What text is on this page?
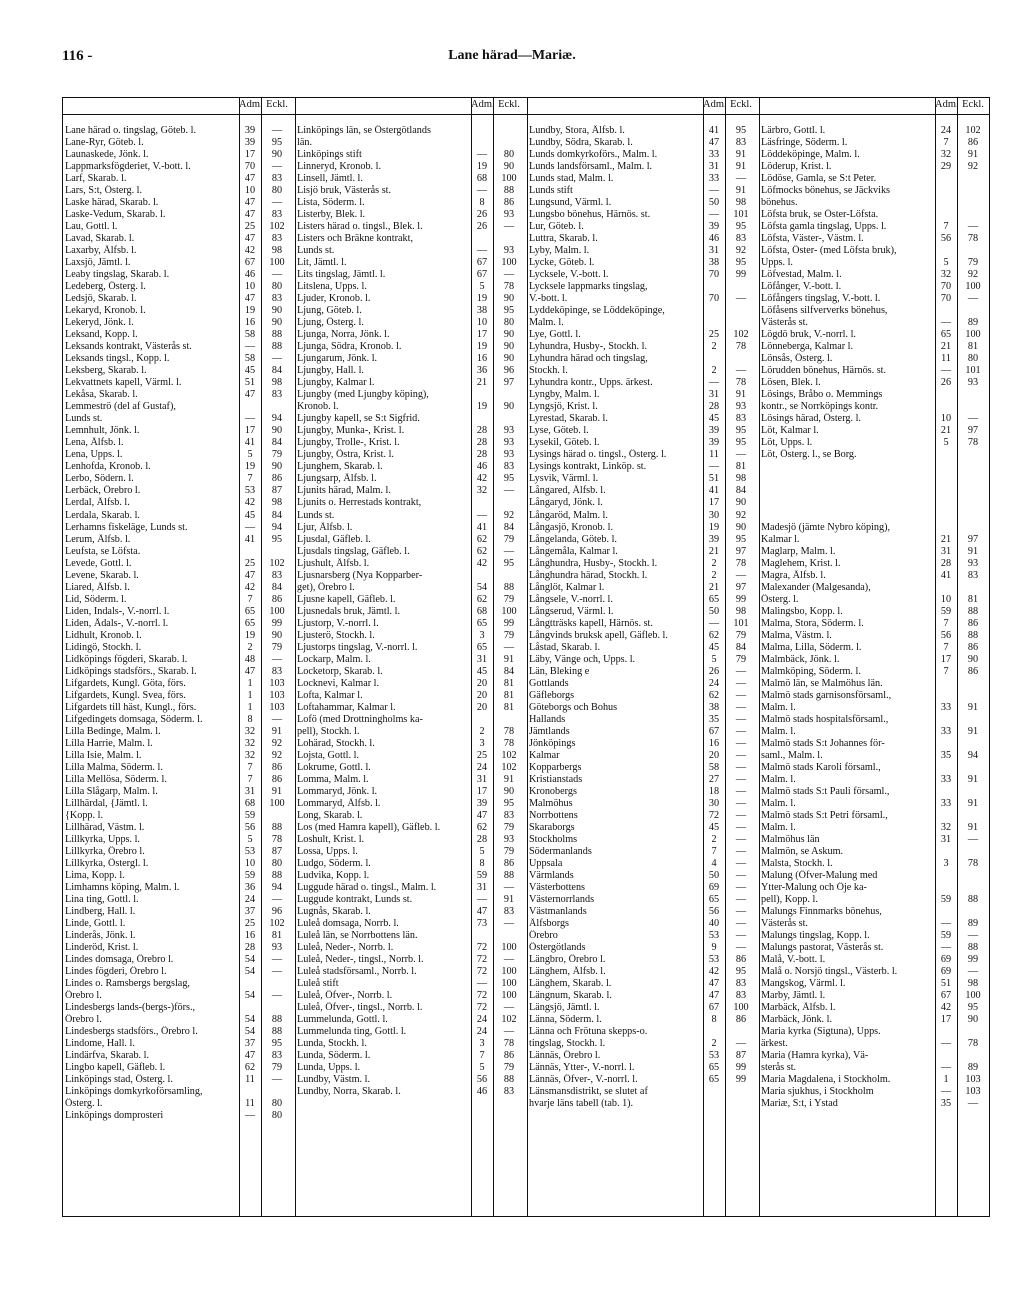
116 -	Lane härad—Mariæ.
Adm. Eckl.
Lane härad o. tingslag, Göteb. l.	39	—
Lane-Ryr, Göteb. l.	39	95
Launaskede, Jönk. l.	17	90
Lappmarksfögderiet, V.-bott. l.	70	—
Larf, Skarab. l.	47	83
Lars, S:t, Österg. l.	10	80
Laske härad, Skarab. l.	47	—
Laske-Vedum, Skarab. l.	47	83
Lau, Gottl. l.	25	102
Lavad, Skarab. l.	47	83
Laxarby, Älfsb. l.	42	98
Laxsjö, Jämtl. l.	67	100
Leaby tingslag, Skarab. l.	46	—
Ledeberg, Österg. l.	10	80
Ledsjö, Skarab. l.	47	83
Lekaryd, Kronob. l.	19	90
Lekeryd, Jönk. l.	16	90
Leksand, Kopp. l.	58	88
Leksands kontrakt, Västerås st.	—	88
Leksands tingsl., Kopp. l.	58	—
Leksberg, Skarab. l.	45	84
Lekvattnets kapell, Värml. l.	51	98
Lekåsa, Skarab. l.	47	83
Lemmeströ (del af Gustaf),
Lunds st.	—	94
Lemnhult, Jönk. l.	17	90
Lena, Älfsb. l.	41	84
Lena, Upps. l.	5	79
Lenhofda, Kronob. l.	19	90
Lerbo, Södern. l.	7	86
Lerbäck, Örebro l.	53	87
Lerdal, Älfsb. l.	42	98
Lerdala, Skarab. l.	45	84
Lerhamns fiskeläge, Lunds st.	—	94
Lerum, Älfsb. l.	41	95
Leufsta, se Löfsta.
Levede, Gottl. l.	25	102
Levene, Skarab. l.	47	83
Liared, Älfsb. l.	42	84
Lid, Söderm. l.	7	86
Liden, Indals-, V.-norrl. l.	65	100
Liden, Ådals-, V.-norrl. l.	65	99
Lidhult, Kronob. l.	19	90
Lidingö, Stockh. l.	2	79
Lidköpings fögderi, Skarab. l.	48	—
Lidköpings stadsförs., Skarab. l.	47	83
Lifgardets, Kungl. Göta, förs.	1	103
Lifgardets, Kungl. Svea, förs.	1	103
Lifgardets till häst, Kungl., förs.	1	103
Lifgedingets domsaga, Söderm. l.	8	—
Lilla Bedinge, Malm. l.	32	91
Lilla Harrie, Malm. l.	32	92
Lilla Isie, Malm. l.	32	92
Lilla Malma, Söderm. l.	7	86
Lilla Mellösa, Söderm. l.	7	86
Lilla Slågarp, Malm. l.	31	91
Lillhärdal, {Jämtl. l.	68	100
{Kopp. l.	59
Lillhärad, Västm. l.	56	88
Lillkyrka, Upps. l.	5	78
Lillkyrka, Örebro l.	53	87
Lillkyrka, Östergl. l.	10	80
Lima, Kopp. l.	59	88
Limhamns köping, Malm. l.	36	94
Lina ting, Gottl. l.	24	—
Lindberg, Hall. l.	37	96
Linde, Gottl. l.	25	102
Linderås, Jönk. l.	16	81
Linderöd, Krist. l.	28	93
Lindes domsaga, Örebro l.	54	—
Lindes fögderi, Örebro l.	54	—
Lindes o. Ramsbergs bergslag,
Örebro l.	54	—
Lindesbergs lands-(bergs-)förs.,
Örebro l.	54	88
Lindesbergs stadsförs., Örebro l.	54	88
Lindome, Hall. l.	37	95
Lindärfva, Skarab. l.	47	83
Lingbo kapell, Gäfleb. l.	62	79
Linköpings stad, Österg. l.	11	—
Linköpings domkyrkoförsamling,
Österg. l.	11	80
Linköpings domprosteri	—	80
Adm. Eckl.
Linköpings län, se Östergötlands
län.
Linköpings stift	—	80
Linneryd, Kronob. l.	19	90
Linsell, Jämtl. l.	68	100
Lisjö bruk, Västerås st.	—	88
Lista, Söderm. l.	8	86
Listerby, Blek. l.	26	93
Listers härad o. tingsl., Blek. l.	26	—
Listers och Bräkne kontrakt,
Lunds st.	—	93
Lit, Jämtl. l.	67	100
Lits tingslag, Jämtl. l.	67	—
Litslena, Upps. l.	5	78
Ljuder, Kronob. l.	19	90
Ljung, Göteb. l.	38	95
Ljung, Österg. l.	10	80
Ljunga, Norra, Jönk. l.	17	90
Ljunga, Södra, Kronob. l.	19	90
Ljungarum, Jönk. l.	16	90
Ljungby, Hall. l.	36	96
Ljungby, Kalmar l.	21	97
Ljungby (med Ljungby köping),
Kronob. l.	19	90
Ljungby kapell, se S:t Sigfrid.
Ljungby, Munka-, Krist. l.	28	93
Ljungby, Trolle-, Krist. l.	28	93
Ljungby, Östra, Krist. l.	28	93
Ljunghem, Skarab. l.	46	83
Ljungsarp, Älfsb. l.	42	95
Ljunits härad, Malm. l.	32	—
Ljunits o. Herrestads kontrakt,
Lunds st.	—	92
Ljur, Älfsb. l.	41	84
Ljusdal, Gäfleb. l.	62	79
Ljusdals tingslag, Gäfleb. l.	62	—
Ljushult, Älfsb. l.	42	95
Ljusnarsberg (Nya Kopparber-
get), Örebro l.	54	88
Ljusne kapell, Gäfleb. l.	62	79
Ljusnedals bruk, Jämtl. l.	68	100
Ljustorp, V.-norrl. l.	65	99
Ljusterö, Stockh. l.	3	79
Ljustorps tingslag, V.-norrl. l.	65	—
Lockarp, Malm. l.	31	91
Locketorp, Skarab. l.	45	84
Locknevi, Kalmar l.	20	81
Lofta, Kalmar l.	20	81
Loftahammar, Kalmar l.	20	81
Lofö (med Drottningholms ka-
pell), Stockh. l.	2	78
Lohärad, Stockh. l.	3	78
Lojsta, Gottl. l.	25	102
Lokrume, Gottl. l.	24	102
Lomma, Malm. l.	31	91
Lommaryd, Jönk. l.	17	90
Lommaryd, Älfsb. l.	39	95
Long, Skarab. l.	47	83
Los (med Hamra kapell), Gäfleb. l.	62	79
Loshult, Krist. l.	28	93
Lossa, Upps. l.	5	79
Ludgo, Söderm. l.	8	86
Ludvika, Kopp. l.	59	88
Luggude härad o. tingsl., Malm. l.	31	—
Luggude kontrakt, Lunds st.	—	91
Lugnås, Skarab. l.	47	83
Luleå domsaga, Norrb. l.	73	—
Luleå län, se Norrbottens län.
Luleå, Neder-, Norrb. l.	72	100
Luleå, Neder-, tingsl., Norrb. l.	72	—
Luleå stadsförsaml., Norrb. l.	72	100
Luleå stift	—	100
Luleå, Öfver-, Norrb. l.	72	100
Luleå, Öfver-, tingsl., Norrb. l.	72	—
Lummelunda, Gottl. l.	24	102
Lummelunda ting, Gottl. l.	24	—
Lunda, Stockh. l.	3	78
Lunda, Söderm. l.	7	86
Lunda, Upps. l.	5	79
Lundby, Västm. l.	56	88
Lundby, Norra, Skarab. l.	46	83
Adm. Eckl.
Lundby, Stora, Älfsb. l.	41	95
Lundby, Södra, Skarab. l.	47	83
Lunds domkyrkoförs., Malm. l.	33	91
Lunds landsförsaml., Malm. l.	31	91
Lunds stad, Malm. l.	33	—
Lunds stift	—	91
Lungsund, Värml. l.	50	98
Lungsbo bönehus, Härnös. st.	—	101
Lur, Göteb. l.	39	95
Luttra, Skarab. l.	46	83
Lyby, Malm. l.	31	92
Lycke, Göteb. l.	38	95
Lycksele, V.-bott. l.	70	99
Lycksele lappmarks tingslag,
V.-bott. l.	70	—
Lyddeköpinge, se Löddeköpinge,
Malm. l.
Lye, Gottl. l.	25	102
Lyhundra, Husby-, Stockh. l.	2	78
Lyhundra härad och tingslag,
Stockh. l.	2	—
Lyhundra kontr., Upps. ärkest.	—	78
Lyngby, Malm. l.	31	91
Lyngsjö, Krist. l.	28	93
Lyrestad, Skarab. l.	45	83
Lyse, Göteb. l.	39	95
Lysekil, Göteb. l.	39	95
Lysings härad o. tingsl., Österg. l.	11	—
Lysings kontrakt, Linköp. st.	—	81
Lysvik, Värml. l.	51	98
Långared, Älfsb. l.	41	84
Långaryd, Jönk. l.	17	90
Långaröd, Malm. l.	30	92
Långasjö, Kronob. l.	19	90
Långelanda, Göteb. l.	39	95
Långemåla, Kalmar l.	21	97
Långhundra, Husby-, Stockh. l.	2	78
Långhundra härad, Stockh. l.	2	—
Långlöt, Kalmar l.	21	97
Långsele, V.-norrl. l.	65	99
Långserud, Värml. l.	50	98
Långtträsks kapell, Härnös. st.	—	101
Långvinds bruksk apell, Gäfleb. l.	62	79
Låstad, Skarab. l.	45	84
Läby, Vänge och, Upps. l.	5	79
Län, Bleking e	26	—
Gottlands	24	—
Gäfleborgs	62	—
Göteborgs och Bohus	38	—
Hallands	35	—
Jämtlands	67	—
Jönköpings	16	—
Kalmar	20	—
Kopparbergs	58	—
Kristianstads	27	—
Kronobergs	18	—
Malmöhus	30	—
Norrbottens	72	—
Skaraborgs	45	—
Stockholms	2	—
Södermanlands	7	—
Uppsala	4	—
Värmlands	50	—
Västerbottens	69	—
Västernorrlands	65	—
Västmanlands	56	—
Älfsborgs	40	—
Örebro	53	—
Östergötlands	9	—
Längbro, Örebro l.	53	86
Länghem, Älfsb. l.	42	95
Länghem, Skarab. l.	47	83
Längnum, Skarab. l.	47	83
Längsjö, Jämtl. l.	67	100
Länna, Söderm. l.	8	86
Länna och Frötuna skepps-o.
tingslag, Stockh. l.	2	—
Lännäs, Örebro l.	53	87
Lännäs, Ytter-, V.-norrl. l.	65	99
Lännäs, Öfver-, V.-norrl. l.	65	99
Länsmansdistrikt, se slutet af
hvarje läns tabell (tab. 1).
Adm. Eckl.
Lärbro, Gottl. l.	24	102
Läsfringe, Söderm. l.	7	86
Löddeköpinge, Malm. l.	32	91
Löderup, Krist. l.	29	92
Lödöse, Gamla, se S:t Peter.
Löfmocks bönehus, se Jäckviks
bönehus.
Löfsta bruk, se Öster-Löfsta.
Löfsta gamla tingslag, Upps. l.	7	—
Löfsta, Väster-, Västm. l.	56	78
Löfsta, Öster- (med Löfsta bruk),
Upps. l.	5	79
Löfvestad, Malm. l.	32	92
Löfånger, V.-bott. l.	70	100
Löfångers tingslag, V.-bott. l.	70	—
Löfåsens silfververks bönehus,
Västerås st.	—	89
Lögdö bruk, V.-norrl. l.	65	100
Lönneberga, Kalmar l.	21	81
Lönsås, Österg. l.	11	80
Lörudden bönehus, Härnös. st.	—	101
Lösen, Blek. l.	26	93
Lösings, Bråbo o. Memmings
kontr., se Norrköpings kontr.
Lösings härad, Österg. l.	10	—
Löt, Kalmar l.	21	97
Löt, Upps. l.	5	78
Löt, Österg. l., se Borg.
Madesjö (jämte Nybro köping),
Kalmar l.	21	97
Maglarp, Malm. l.	31	91
Maglehem, Krist. l.	28	93
Magra, Älfsb. l.	41	83
Malexander (Malgesanda),
Österg. l.	10	81
Malingsbo, Kopp. l.	59	88
Malma, Stora, Söderm. l.	7	86
Malma, Västm. l.	56	88
Malma, Lilla, Söderm. l.	7	86
Malmbäck, Jönk. l.	17	90
Malmköping, Söderm. l.	7	86
Malmö län, se Malmöhus län.
Malmö stads garnisonsförsaml.,
Malm. l.	33	91
Malmö stads hospitalsförsaml.,
Malm. l.	33	91
Malmö stads S:t Johannes för-
saml., Malm. l.	35	94
Malmö stads Karoli församl.,
Malm. l.	33	91
Malmö stads S:t Pauli församl.,
Malm. l.	33	91
Malmö stads S:t Petri församl.,
Malm. l.	32	91
Malmöhus län	31	—
Malmön, se Askum.
Malsta, Stockh. l.	3	78
Malung (Öfver-Malung med
Ytter-Malung och Öje ka-
pell), Kopp. l.	59	88
Malungs Finnmarks bönehus,
Västerås st.	—	89
Malungs tingslag, Kopp. l.	59	—
Malungs pastorat, Västerås st.	—	88
Malå, V.-bott. l.	69	99
Malå o. Norsjö tingsl., Västerb. l.	69	—
Mangskog, Värml. l.	51	98
Marby, Jämtl. l.	67	100
Marbäck, Älfsb. l.	42	95
Marbäck, Jönk. l.	17	90
Maria kyrka (Sigtuna), Upps.
ärkest.	—	78
Maria (Hamra kyrka), Vä-
sterås st.	—	89
Maria Magdalena, i Stockholm.	1	103
Maria sjukhus, i Stockholm	—	103
Mariæ, S:t, i Ystad	35	—
